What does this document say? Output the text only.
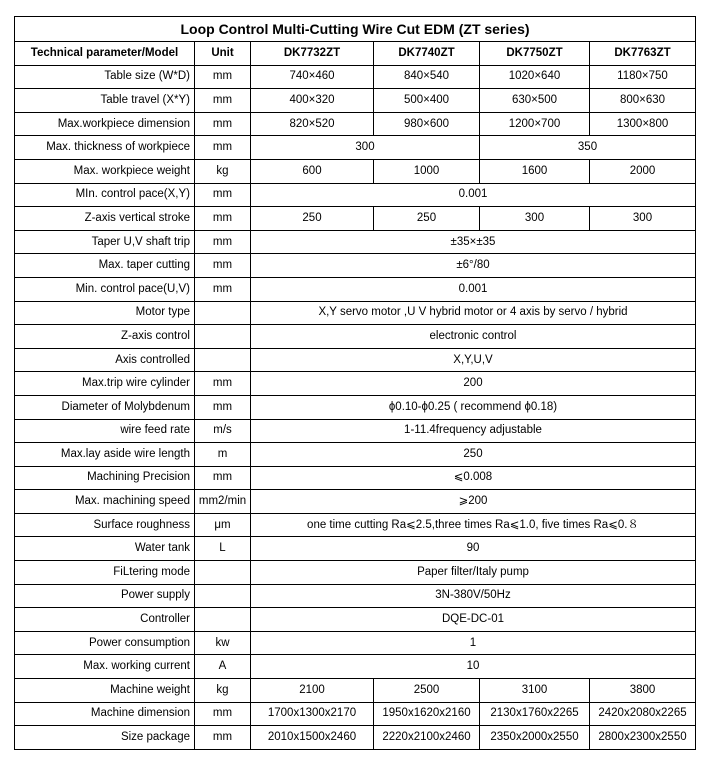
Loop Control Multi-Cutting Wire Cut EDM (ZT series)					
Technical parameter/Model	Unit	DK7732ZT	DK7740ZT	DK7750ZT	DK7763ZT
Table size (W*D)	mm	740×460	840×540	1020×640	1180×750
Table travel (X*Y)	mm	400×320	500×400	630×500	800×630
Max.workpiece dimension	mm	820×520	980×600	1200×700	1300×800
Max. thickness of workpiece	mm	300		350	
Max. workpiece weight	kg	600	1000	1600	2000
MIn. control pace(X,Y)	mm	0.001			
Z-axis vertical stroke	mm	250	250	300	300
Taper U,V shaft trip	mm	±35×±35			
Max. taper cutting	mm	±6°/80			
Min. control pace(U,V)	mm	0.001			
Motor type		X,Y servo motor ,U V hybrid motor or 4 axis by servo / hybrid			
Z-axis control		electronic control			
Axis controlled		X,Y,U,V			
Max.trip wire cylinder	mm	200			
Diameter of Molybdenum	mm	ϕ0.10-ϕ0.25 ( recommend ϕ0.18)			
wire feed rate	m/s	1-11.4frequency adjustable			
Max.lay aside wire length	m	250			
Machining Precision	mm	⩽0.008			
Max. machining speed	mm2/min	⩾200			
Surface roughness	μm	one time cutting Ra⩽2.5,three times Ra⩽1.0, five times Ra⩽0.８			
Water tank	L	90			
FiLtering mode		Paper filter/Italy pump			
Power supply		3N-380V/50Hz			
Controller		DQE-DC-01			
Power consumption	kw	1			
Max. working current	A	10			
Machine weight	kg	2100	2500	3100	3800
Machine dimension	mm	1700x1300x2170	1950x1620x2160	2130x1760x2265	2420x2080x2265
Size package	mm	2010x1500x2460	2220x2100x2460	2350x2000x2550	2800x2300x2550
